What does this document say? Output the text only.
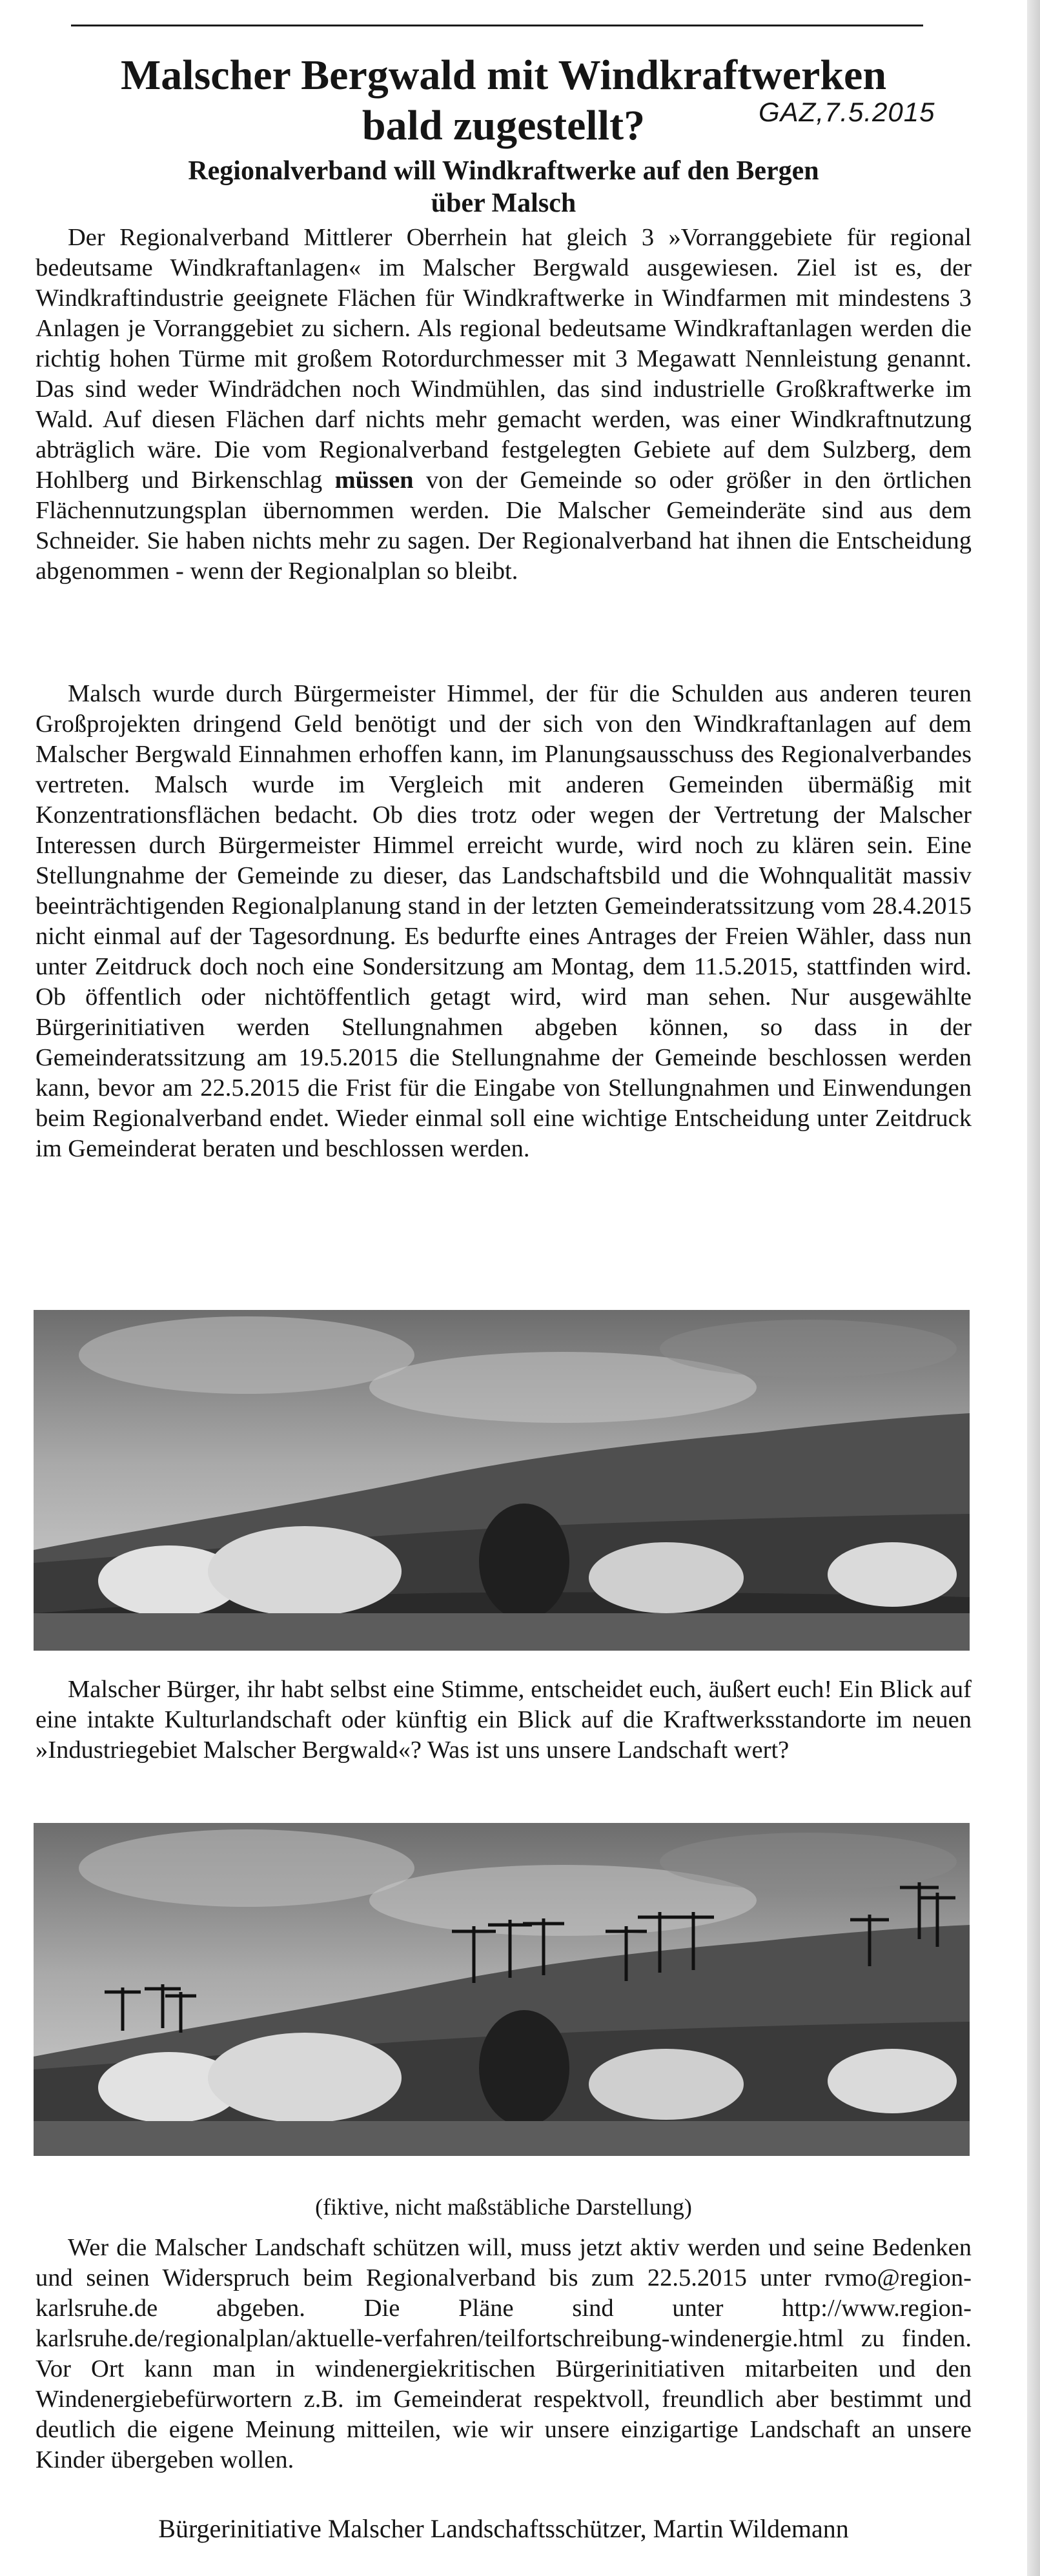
Malscher Bergwald mit Windkraftwerken
bald zugestellt?	GAZ,7.5.2015
Regionalverband will Windkraftwerke auf den Bergen
über Malsch

Der Regionalverband Mittlerer Oberrhein hat gleich 3 »Vorranggebiete für regional bedeutsame Windkraftanlagen« im Malscher Bergwald ausgewiesen. Ziel ist es, der Windkraftindustrie geeignete Flächen für Windkraftwerke in Windfarmen mit mindestens 3 Anlagen je Vorranggebiet zu sichern. Als regional bedeutsame Windkraftanlagen werden die richtig hohen Türme mit großem Rotordurchmesser mit 3 Megawatt Nennleistung genannt. Das sind weder Windrädchen noch Windmühlen, das sind industrielle Großkraftwerke im Wald. Auf diesen Flächen darf nichts mehr gemacht werden, was einer Windkraftnutzung abträglich wäre. Die vom Regionalverband festgelegten Gebiete auf dem Sulzberg, dem Hohlberg und Birkenschlag müssen von der Gemeinde so oder größer in den örtlichen Flächennutzungsplan übernommen werden. Die Malscher Gemeinderäte sind aus dem Schneider. Sie haben nichts mehr zu sagen. Der Regionalverband hat ihnen die Entscheidung abgenommen - wenn der Regionalplan so bleibt.

Malsch wurde durch Bürgermeister Himmel, der für die Schulden aus anderen teuren Großprojekten dringend Geld benötigt und der sich von den Windkraftanlagen auf dem Malscher Bergwald Einnahmen erhoffen kann, im Planungsausschuss des Regionalverbandes vertreten. Malsch wurde im Vergleich mit anderen Gemeinden übermäßig mit Konzentrationsflächen bedacht. Ob dies trotz oder wegen der Vertretung der Malscher Interessen durch Bürgermeister Himmel erreicht wurde, wird noch zu klären sein. Eine Stellungnahme der Gemeinde zu dieser, das Landschaftsbild und die Wohnqualität massiv beeinträchtigenden Regionalplanung stand in der letzten Gemeinderatssitzung vom 28.4.2015 nicht einmal auf der Tagesordnung. Es bedurfte eines Antrages der Freien Wähler, dass nun unter Zeitdruck doch noch eine Sondersitzung am Montag, dem 11.5.2015, stattfinden wird. Ob öffentlich oder nichtöffentlich getagt wird, wird man sehen. Nur ausgewählte Bürgerinitiativen werden Stellungnahmen abgeben können, so dass in der Gemeinderatssitzung am 19.5.2015 die Stellungnahme der Gemeinde beschlossen werden kann, bevor am 22.5.2015 die Frist für die Eingabe von Stellungnahmen und Einwendungen beim Regionalverband endet. Wieder einmal soll eine wichtige Entscheidung unter Zeitdruck im Gemeinderat beraten und beschlossen werden.

Malscher Bürger, ihr habt selbst eine Stimme, entscheidet euch, äußert euch! Ein Blick auf eine intakte Kulturlandschaft oder künftig ein Blick auf die Kraftwerksstandorte im neuen »Industriegebiet Malscher Bergwald«? Was ist uns unsere Landschaft wert?

(fiktive, nicht maßstäbliche Darstellung)

Wer die Malscher Landschaft schützen will, muss jetzt aktiv werden und seine Bedenken und seinen Widerspruch beim Regionalverband bis zum 22.5.2015 unter rvmo@region-karlsruhe.de abgeben. Die Pläne sind unter http://www.region-karlsruhe.de/regionalplan/aktuelle-verfahren/teilfortschreibung-windenergie.html zu finden. Vor Ort kann man in windenergiekritischen Bürgerinitiativen mitarbeiten und den Windenergiebefürwortern z.B. im Gemeinderat respektvoll, freundlich aber bestimmt und deutlich die eigene Meinung mitteilen, wie wir unsere einzigartige Landschaft an unsere Kinder übergeben wollen.

Bürgerinitiative Malscher Landschaftsschützer, Martin Wildemann
